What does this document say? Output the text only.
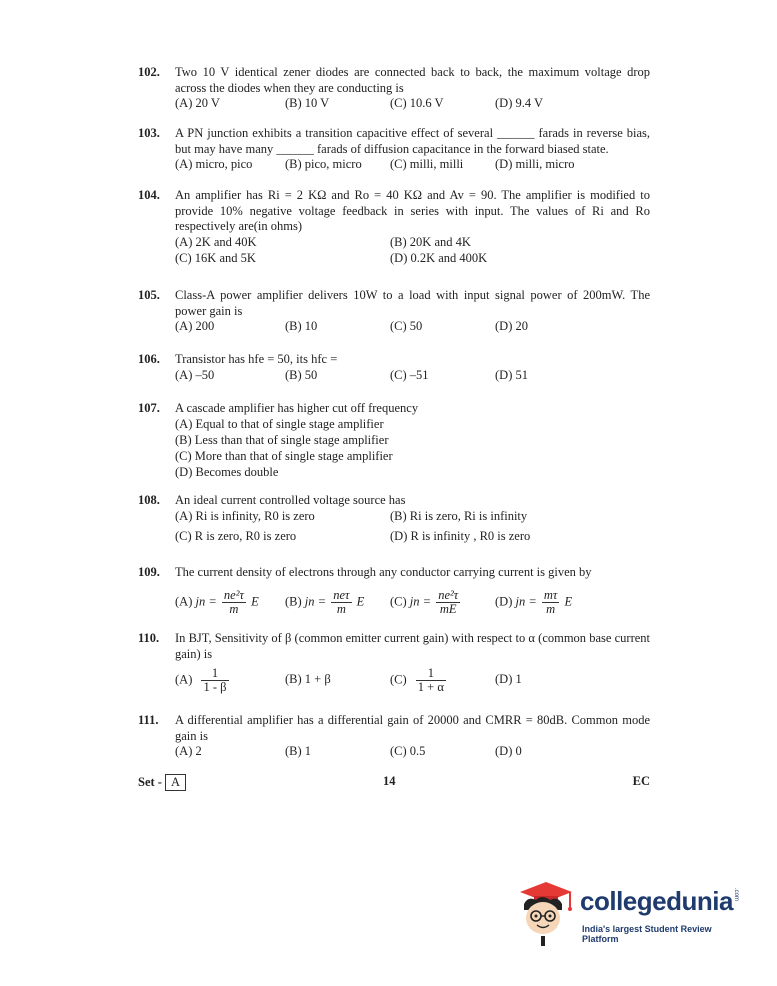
102.	Two 10 V identical zener diodes are connected back to back, the maximum voltage drop across the diodes when they are conducting is
(A) 20 V	(B) 10 V	(C) 10.6 V	(D) 9.4 V
103.	A PN junction exhibits a transition capacitive effect of several ______ farads in reverse bias, but may have many ______ farads of diffusion capacitance in the forward biased state.
(A) micro, pico	(B) pico, micro (C) milli, milli	(D) milli, micro
104.	An amplifier has Ri = 2 KΩ and Ro = 40 KΩ and Av = 90. The amplifier is modified to provide 10% negative voltage feedback in series with input. The values of Ri and Ro respectively are(in ohms)
(A) 2K and 40K	(B) 20K and 4K
(C) 16K and 5K	(D) 0.2K and 400K
105.	Class-A power amplifier delivers 10W to a load with input signal power of 200mW. The power gain is
(A) 200	(B) 10	(C) 50	(D) 20
106.	Transistor has hfe = 50, its hfc =
(A) –50	(B) 50	(C) –51	(D) 51
107.	A cascade amplifier has higher cut off frequency
(A) Equal to that of single stage amplifier
(B) Less than that of single stage amplifier
(C) More than that of single stage amplifier
(D) Becomes double
108.	An ideal current controlled voltage source has
(A) Ri is infinity, R0 is zero	(B) Ri is zero, Ri is infinity
(C) R is zero, R0 is zero	(D) R is infinity , R0 is zero
109.	The current density of electrons through any conductor carrying current is given by
(A) jn = $\frac{\text{ne²τ}}{m}$ E (B) jn = $\frac{\text{neτ}}{m}$ E (C) jn = $\frac{\text{ne²τ}}{mE}$	(D) jn = $\frac{m\tau}{m}$ E
110.	In BJT, Sensitivity of β (common emitter current gain) with respect to α (common base current gain) is
$(A) \frac{1}{1 - \beta}$	(B) 1 + β	$(C) \frac{1}{1 + \alpha}$	(D) 1
111.	A differential amplifier has a differential gain of 20000 and CMRR = 80dB. Common mode gain is
(A) 2	(B) 1	(C) 0.5	(D) 0
Set - A	14	EC
collegedunia .com
India's largest Student Review Platform
